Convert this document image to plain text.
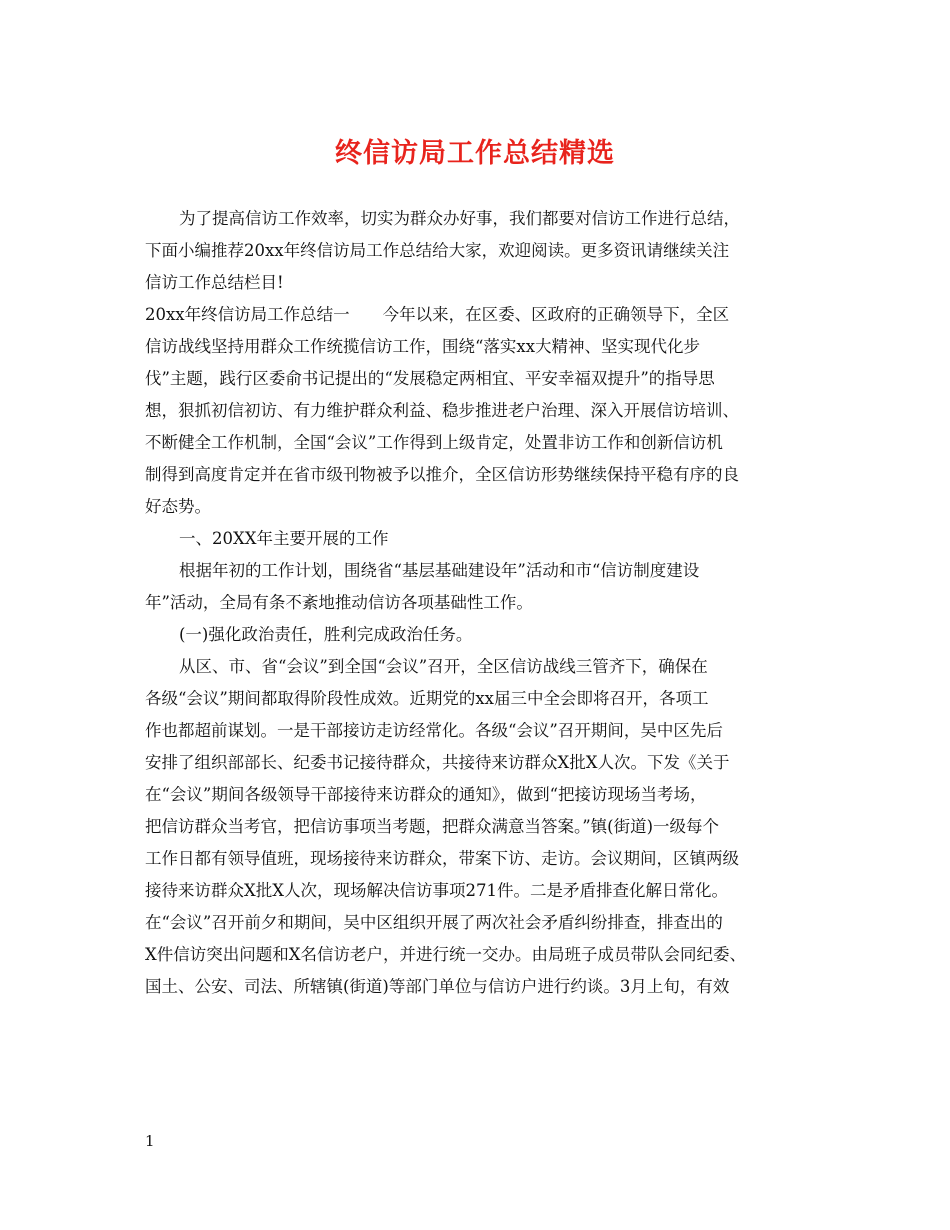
终信访局工作总结精选
为了提高信访工作效率，切实为群众办好事，我们都要对信访工作进行总结，
下面小编推荐20xx年终信访局工作总结给大家，欢迎阅读。更多资讯请继续关注
信访工作总结栏目!
20xx年终信访局工作总结一　　今年以来，在区委、区政府的正确领导下，全区
信访战线坚持用群众工作统揽信访工作，围绕“落实xx大精神、坚实现代化步
伐”主题，践行区委俞书记提出的“发展稳定两相宜、平安幸福双提升”的指导思
想，狠抓初信初访、有力维护群众利益、稳步推进老户治理、深入开展信访培训、
不断健全工作机制，全国“会议”工作得到上级肯定，处置非访工作和创新信访机
制得到高度肯定并在省市级刊物被予以推介，全区信访形势继续保持平稳有序的良
好态势。
一、20XX年主要开展的工作
根据年初的工作计划，围绕省“基层基础建设年”活动和市“信访制度建设
年”活动，全局有条不紊地推动信访各项基础性工作。
(一)强化政治责任，胜利完成政治任务。
从区、市、省“会议”到全国“会议”召开，全区信访战线三管齐下，确保在
各级“会议”期间都取得阶段性成效。近期党的xx届三中全会即将召开，各项工
作也都超前谋划。一是干部接访走访经常化。各级“会议”召开期间，吴中区先后
安排了组织部部长、纪委书记接待群众，共接待来访群众X批X人次。下发《关于
在“会议”期间各级领导干部接待来访群众的通知》，做到“把接访现场当考场，
把信访群众当考官，把信访事项当考题，把群众满意当答案。”镇(街道)一级每个
工作日都有领导值班，现场接待来访群众，带案下访、走访。会议期间，区镇两级
接待来访群众X批X人次，现场解决信访事项271件。二是矛盾排查化解日常化。
在“会议”召开前夕和期间，吴中区组织开展了两次社会矛盾纠纷排查，排查出的
X件信访突出问题和X名信访老户，并进行统一交办。由局班子成员带队会同纪委、
国土、公安、司法、所辖镇(街道)等部门单位与信访户进行约谈。3月上旬，有效
1
